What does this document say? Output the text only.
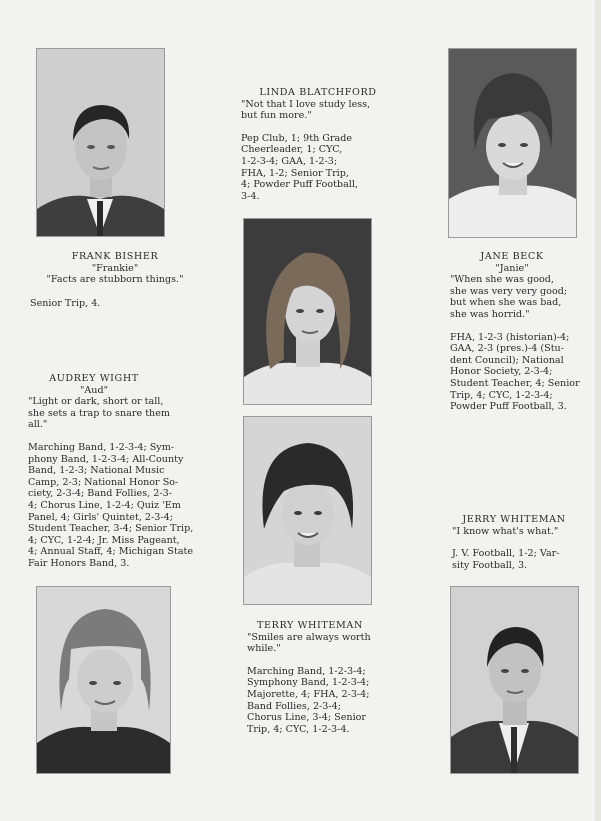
LINDA BLATCHFORD
"Not that I love study less,
but fun more."
Pep Club, 1; 9th Grade
Cheerleader, 1; CYC,
1-2-3-4; GAA, 1-2-3;
FHA, 1-2; Senior Trip,
4; Powder Puff Football,
3-4.
FRANK BISHER
"Frankie"
"Facts are stubborn things."
Senior Trip, 4.
JANE BECK
"Janie"
"When she was good,
she was very very good;
but when she was bad,
she was horrid."
FHA, 1-2-3 (historian)-4;
GAA, 2-3 (pres.)-4 (Stu-
dent Council); National
Honor Society, 2-3-4;
Student Teacher, 4; Senior
Trip, 4; CYC, 1-2-3-4;
Powder Puff Football, 3.
AUDREY WIGHT
"Aud"
"Light or dark, short or tall,
she sets a trap to snare them
all."
Marching Band, 1-2-3-4; Sym-
phony Band, 1-2-3-4; All-County
Band, 1-2-3; National Music
Camp, 2-3; National Honor So-
ciety, 2-3-4; Band Follies, 2-3-
4; Chorus Line, 1-2-4; Quiz 'Em
Panel, 4; Girls' Quintet, 2-3-4;
Student Teacher, 3-4; Senior Trip,
4; CYC, 1-2-4; Jr. Miss Pageant,
4; Annual Staff, 4; Michigan State
Fair Honors Band, 3.
JERRY WHITEMAN
"I know what's what."
J. V. Football, 1-2; Var-
sity Football, 3.
TERRY WHITEMAN
"Smiles are always worth
while."
Marching Band, 1-2-3-4;
Symphony Band, 1-2-3-4;
Majorette, 4; FHA, 2-3-4;
Band Follies, 2-3-4;
Chorus Line, 3-4; Senior
Trip, 4; CYC, 1-2-3-4.
